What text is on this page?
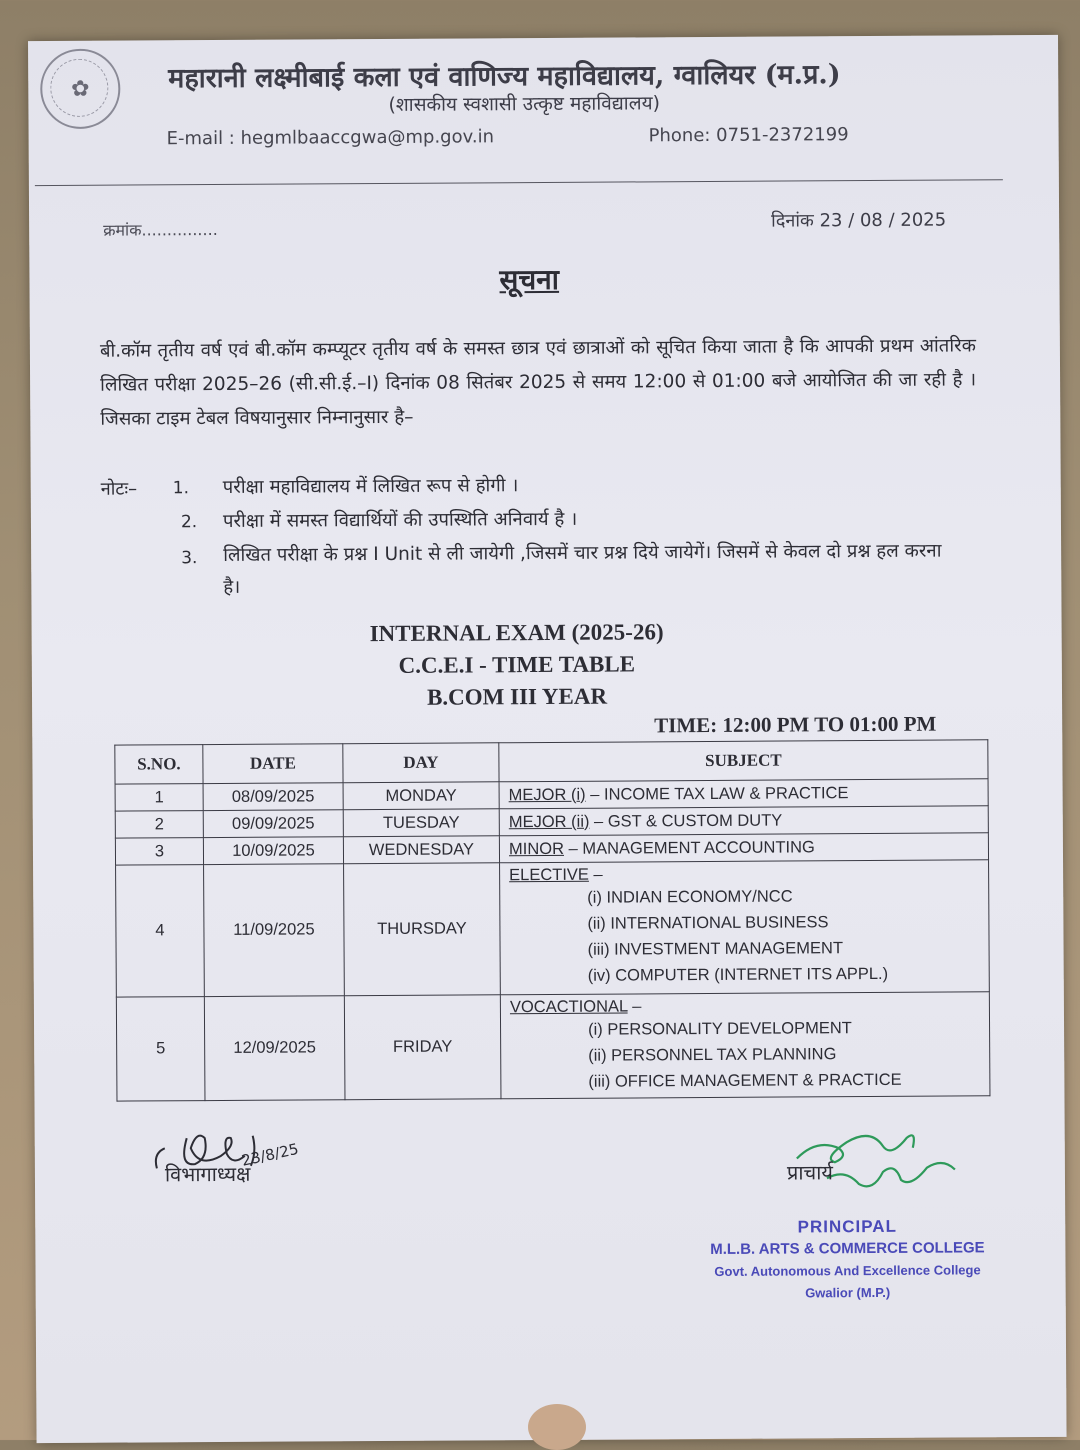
✿	महारानी लक्ष्मीबाई कला एवं वाणिज्य महाविद्यालय, ग्वालियर (म.प्र.)
(शासकीय स्वशासी उत्कृष्ट महाविद्यालय)
E-mail : hegmlbaaccgwa@mp.gov.in	Phone: 0751-2372199
क्रमांक...............	दिनांक 23 / 08 / 2025
सूचना
बी.कॉम तृतीय वर्ष एवं बी.कॉम कम्प्यूटर तृतीय वर्ष के समस्त छात्र एवं छात्राओं को सूचित किया जाता है कि आपकी प्रथम आंतरिक लिखित परीक्षा 2025–26 (सी.सी.ई.–I) दिनांक 08 सितंबर 2025 से समय 12:00 से 01:00 बजे आयोजित की जा रही है । जिसका टाइम टेबल विषयानुसार निम्नानुसार है–
नोटः– 1. परीक्षा महाविद्यालय में लिखित रूप से होगी ।
2. परीक्षा में समस्त विद्यार्थियों की उपस्थिति अनिवार्य है ।
3. लिखित परीक्षा के प्रश्न I Unit से ली जायेगी ,जिसमें चार प्रश्न दिये जायेगें। जिसमें से केवल दो प्रश्न हल करना है।
INTERNAL EXAM (2025-26)
C.C.E.I - TIME TABLE
B.COM III YEAR
TIME: 12:00 PM TO 01:00 PM
S.NO.	DATE	DAY	SUBJECT
1	08/09/2025	MONDAY	MEJOR (i) – INCOME TAX LAW & PRACTICE
2	09/09/2025	TUESDAY	MEJOR (ii) – GST & CUSTOM DUTY
3	10/09/2025	WEDNESDAY	MINOR – MANAGEMENT ACCOUNTING
4	11/09/2025	THURSDAY	ELECTIVE –
(i) INDIAN ECONOMY/NCC
(ii) INTERNATIONAL BUSINESS
(iii) INVESTMENT MANAGEMENT
(iv) COMPUTER (INTERNET ITS APPL.)

5	12/09/2025	FRIDAY	VOCACTIONAL –
(i) PERSONALITY DEVELOPMENT
(ii) PERSONNEL TAX PLANNING
(iii) OFFICE MANAGEMENT & PRACTICE
23/8/25
विभागाध्यक्ष	प्राचार्य
PRINCIPAL
M.L.B. ARTS & COMMERCE COLLEGE
Govt. Autonomous And Excellence College
Gwalior (M.P.)
